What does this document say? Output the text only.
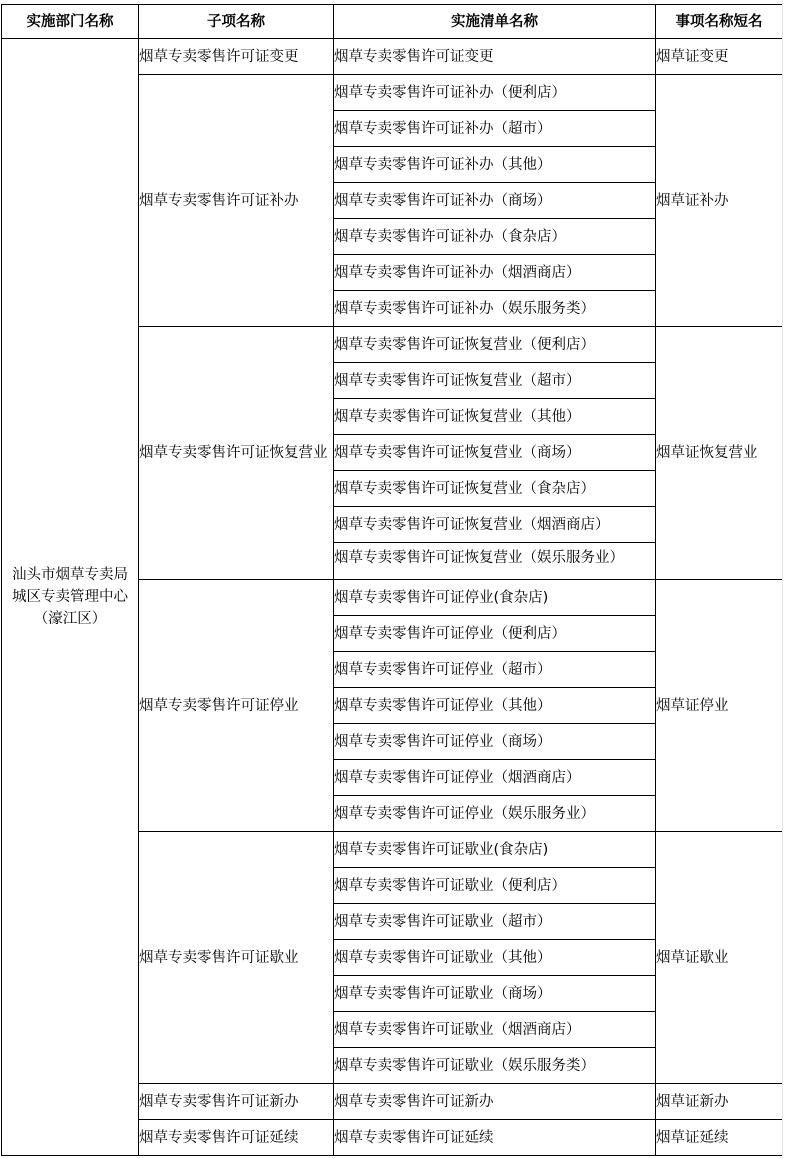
实施部门名称	子项名称	实施清单名称	事项名称短名

汕头市烟草专卖局
城区专卖管理中心
（濠江区）	烟草专卖零售许可证变更	烟草专卖零售许可证变更	烟草证变更
	烟草专卖零售许可证补办	烟草专卖零售许可证补办（便利店）	烟草证补办
		烟草专卖零售许可证补办（超市）	
		烟草专卖零售许可证补办（其他）	
		烟草专卖零售许可证补办（商场）	
		烟草专卖零售许可证补办（食杂店）	
		烟草专卖零售许可证补办（烟酒商店）	
		烟草专卖零售许可证补办（娱乐服务类）	
	烟草专卖零售许可证恢复营业	烟草专卖零售许可证恢复营业（便利店）	烟草证恢复营业
		烟草专卖零售许可证恢复营业（超市）	
		烟草专卖零售许可证恢复营业（其他）	
		烟草专卖零售许可证恢复营业（商场）	
		烟草专卖零售许可证恢复营业（食杂店）	
		烟草专卖零售许可证恢复营业（烟酒商店）	

		烟草专卖零售许可证恢复营业（娱乐服务业）	

	烟草专卖零售许可证停业	烟草专卖零售许可证停业(食杂店)	烟草证停业
		烟草专卖零售许可证停业（便利店）	
		烟草专卖零售许可证停业（超市）	
		烟草专卖零售许可证停业（其他）	
		烟草专卖零售许可证停业（商场）	
		烟草专卖零售许可证停业（烟酒商店）	
		烟草专卖零售许可证停业（娱乐服务业）	
	烟草专卖零售许可证歇业	烟草专卖零售许可证歇业(食杂店)	烟草证歇业
		烟草专卖零售许可证歇业（便利店）	
		烟草专卖零售许可证歇业（超市）	
		烟草专卖零售许可证歇业（其他）	
		烟草专卖零售许可证歇业（商场）	
		烟草专卖零售许可证歇业（烟酒商店）	
		烟草专卖零售许可证歇业（娱乐服务类）	
	烟草专卖零售许可证新办	烟草专卖零售许可证新办	烟草证新办
	烟草专卖零售许可证延续	烟草专卖零售许可证延续	烟草证延续
